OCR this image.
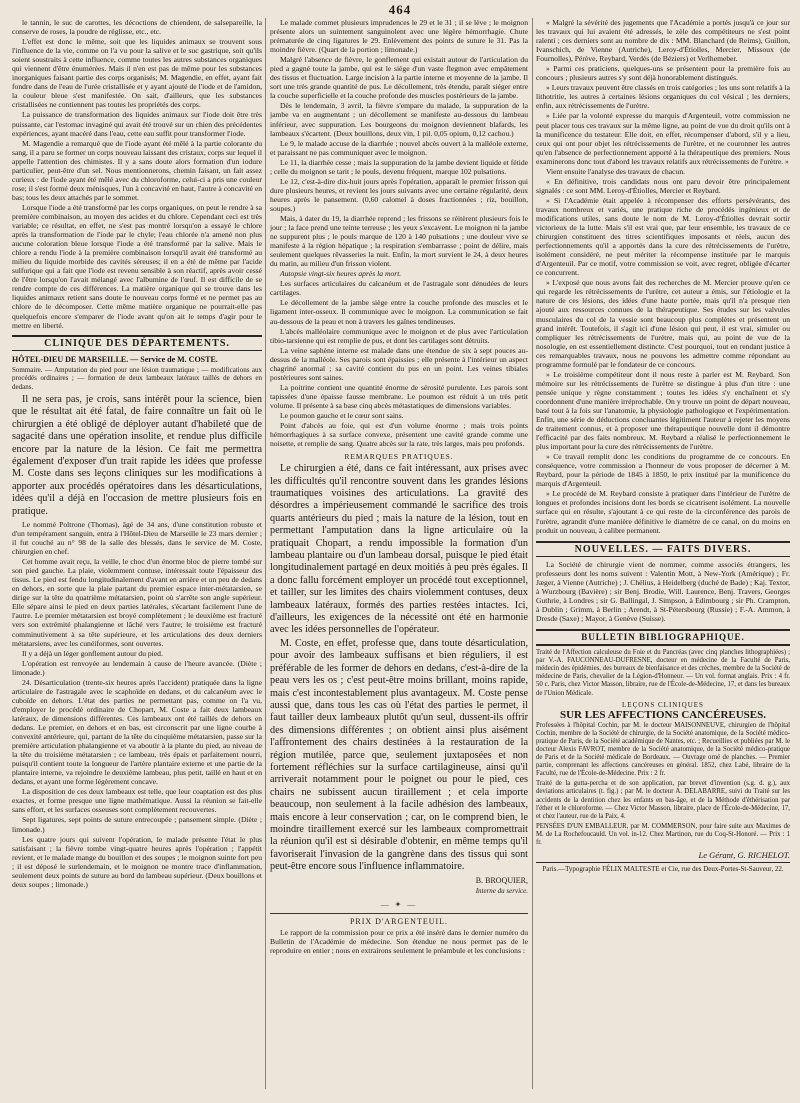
464

le tannin, le suc de carottes, les décoctions de chiendent, de salsepareille, la conserve de roses, la poudre de réglisse, etc., etc.

L'effet est donc le même, soit que les liquides animaux se trouvent sous l'influence de la vie, comme on l'a vu pour la salive et le suc gastrique, soit qu'ils soient soustraits à cette influence, comme toutes les autres substances organiques qui viennent d'être énumérées. Mais il n'en est pas de même pour les substances inorganiques faisant partie des corps organisés; M. Magendie, en effet, ayant fait fondre dans de l'eau de l'urée cristallisée et y ayant ajouté de l'iode et de l'amidon, la couleur bleue s'est manifestée. On sait, d'ailleurs, que les substances cristallisées ne contiennent pas toutes les propriétés des corps.

La puissance de transformation des liquides animaux sur l'iode doit être très puissante, car l'estomac invaginé qui avait été trouvé sur un chien des précédentes expériences, ayant macéré dans l'eau, cette eau suffit pour transformer l'iode.

M. Magendie a remarqué que de l'iode ayant été mêlé à la partie colorante du sang, il a paru se former un corps nouveau laissant des cristaux, corps sur lequel il appelle l'attention des chimistes. Il y a sans doute alors formation d'un iodure particulier, peut-être d'un sel. Nous mentionnerons, chemin faisant, un fait assez curieux : de l'iode ayant été mêlé avec du chloroforme, celui-ci a pris une couleur rose; il s'est formé deux ménisques, l'un à concavité en haut, l'autre à concavité en bas; tous les deux attachés par le sommet.

Lorsque l'iode a été transformé par les corps organiques, on peut le rendre à sa première combinaison, au moyen des acides et du chlore. Cependant ceci est très variable; ce résultat, en effet, ne s'est pas montré lorsqu'on a essayé le chlore après la transformation de l'iode par le chyle; l'eau chlorée n'a amené non plus aucune coloration bleue lorsque l'iode a été transformé par la salive. Mais le chlore a rendu l'iode à la première combinaison lorsqu'il avait été transformé au milieu du liquide morbide des cavités séreuses; il en a été de même par l'acide sulfurique qui a fait que l'iode est revenu sensible à son réactif, après avoir cessé de l'être lorsqu'on l'avait mélangé avec l'albumine de l'œuf. Il est difficile de se rendre compte de ces différences. La matière organique qui se trouve dans les liquides animaux retient sans doute le nouveau corps formé et ne permet pas au chlore de le décomposer. Cette même matière organique ne pourrait-elle pas quelquefois encore s'emparer de l'iode avant qu'on ait le temps d'agir pour le mettre en liberté.

CLINIQUE DES DÉPARTEMENTS.
HÔTEL-DIEU DE MARSEILLE. — Service de M. COSTE.
Sommaire. — Amputation du pied pour une lésion traumatique ; — modifications aux procédés ordinaires ; — formation de deux lambeaux latéraux taillés de dehors en dedans.

Il ne sera pas, je crois, sans intérêt pour la science, bien que le résultat ait été fatal, de faire connaître un fait où le chirurgien a été obligé de déployer autant d'habileté que de sagacité dans une opération insolite, et rendue plus difficile encore par la nature de la lésion. Ce fait me permettra également d'exposer d'un trait rapide les idées que professe M. Coste dans ses leçons cliniques sur les modifications à apporter aux procédés opératoires dans les désarticulations, idées qu'il a déjà en l'occasion de mettre plusieurs fois en pratique.

Le nommé Poltrone (Thomas), âgé de 34 ans, d'une constitution robuste et d'un tempérament sanguin, entra à l'Hôtel-Dieu de Marseille le 23 mars dernier ; il fut couché au n° 98 de la salle des blessés, dans le service de M. Coste, chirurgien en chef.

Cet homme avait reçu, la veille, le choc d'un énorme bloc de pierre tombé sur son pied gauche. La plaie, violemment contuse, intéressait toute l'épaisseur des tissus. Le pied est fendu longitudinalement d'avant en arrière et un peu de dedans en dehors, en sorte que la plaie partant du premier espace inter-métatarsien, se dirige sur la tête du quatrième métatarsien, point où s'arrête son angle supérieur. Elle sépare ainsi le pied en deux parties latérales, s'écartant facilement l'une de l'autre. Le premier métatarsien est broyé complètement ; le deuxième est fracturé vers son extrémité phalangienne et lâché vers l'autre; le troisième est fracturé comminutivement à sa tête supérieure, et les articulations des deux derniers métatarsiens, avec les cunéiformes, sont ouvertes.

Il y a déjà un léger gonflement autour du pied.

L'opération est renvoyée au lendemain à cause de l'heure avancée. (Diète ; limonade.)

24. Désarticulation (trente-six heures après l'accident) pratiquée dans la ligne articulaire de l'astragale avec le scaphoïde en dedans, et du calcanéum avec le cuboïde en dehors. L'état des parties ne permettant pas, comme on l'a vu, d'employer le procédé ordinaire de Chopart, M. Coste a fait deux lambeaux latéraux, de dimensions différentes. Ces lambeaux ont été taillés de dehors en dedans. Le premier, en dehors et en bas, est circonscrit par une ligne courbe à convexité antérieure, qui, partant de la tête du cinquième métatarsien, passe sur la première articulation phalangienne et va aboutir à la plante du pied, au niveau de la tête du troisième métatarsien ; ce lambeau, très épais et parfaitement nourri, puisqu'il contient toute la longueur de l'artère plantaire externe et une partie de la plantaire interne, va rejoindre le deuxième lambeau, plus petit, taillé en haut et en dedans, et ayant une forme légèrement concave.

La disposition de ces deux lambeaux est telle, que leur coaptation est des plus exactes, et forme presque une ligne mathématique. Aussi la réunion se fait-elle sans effort, et les surfaces osseuses sont complètement recouvertes.

Sept ligatures, sept points de suture entrecoupée ; pansement simple. (Diète ; limonade.)

Les quatre jours qui suivent l'opération, le malade présente l'état le plus satisfaisant ; la fièvre tombe vingt-quatre heures après l'opération ; l'appétit revient, et le malade mange du bouillon et des soupes ; le moignon suinte fort peu ; il est déposé le surlendemain, et le moignon ne montre trace d'inflammation, seulement deux points de suture au bord du lambeau supérieur. (Deux bouillons et deux soupes ; limonade.)

Le malade commet plusieurs imprudences le 29 et le 31 ; il se lève ; le moignon présente alors un suintement sanguinolent avec une légère hémorrhagie. Chute prématurée de cinq ligatures le 29. Enlèvement des points de suture le 31. Pas la moindre fièvre. (Quart de la portion ; limonade.)

Malgré l'absence de fièvre, le gonflement qui existait autour de l'articulation du pied a gagné toute la jambe, qui est le siège d'un vaste flegmon avec empâtement des tissus et fluctuation. Large incision à la partie interne et moyenne de la jambe. Il sort une très grande quantité de pus. Le décollement, très étendu, paraît siéger entre la couche superficielle et la couche profonde des muscles postérieurs de la jambe.

Dès le lendemain, 3 avril, la fièvre s'empare du malade, la suppuration de la jambe va en augmentant ; un décollement se manifeste au-dessous du lambeau inférieur, avec suppuration. Les bourgeons du moignon deviennent blafards, les lambeaux s'écartent. (Deux bouillons, deux vin, 1 pil. 0,05 opium, 0,12 cachou.)

Le 9, le malade accuse de la diarrhée ; nouvel abcès ouvert à la malléole externe, et paraissant ne pas communiquer avec le moignon.

Le 11, la diarrhée cesse ; mais la suppuration de la jambe devient liquide et fétide ; celle du moignon se tarit ; le pouls, devenu fréquent, marque 102 pulsations.

Le 12, c'est-à-dire dix-huit jours après l'opération, apparaît le premier frisson qui dure plusieurs heures, et revient les jours suivants avec une certaine régularité, deux heures après le pansement. (0,60 calomel à doses fractionnées ; riz, bouillon, soupes.)

Mais, à dater du 19, la diarrhée reprend ; les frissons se réitèrent plusieurs fois le jour ; la face prend une teinte terreuse ; les yeux s'excavent. Le moignon ni la jambe ne suppurent plus ; le pouls marque de 120 à 140 pulsations ; une douleur vive se manifeste à la région hépatique ; la respiration s'embarrasse ; point de délire, mais seulement quelques rêvasseries la nuit. Enfin, la mort survient le 24, à deux heures du matin, au milieu d'un frisson violent.

Autopsie vingt-six heures après la mort.

Les surfaces articulaires du calcanéum et de l'astragale sont dénudées de leurs cartilages.

Le décollement de la jambe siège entre la couche profonde des muscles et le ligament inter-osseux. Il communique avec le moignon. La communication se fait au-dessous de la peau et non à travers les gaînes tendineuses.

L'abcès malléolaire communique avec le moignon et de plus avec l'articulation tibio-tarsienne qui est remplie de pus, et dont les cartilages sont détruits.

La veine saphène interne est malade dans une étendue de six à sept pouces au-dessus de la malléole. Ses parois sont épaissies ; elle présente à l'intérieur un aspect chagriné anormal ; sa cavité contient du pus en un point. Les veines tibiales postérieures sont saines.

La poitrine contient une quantité énorme de sérosité purulente. Les parois sont tapissées d'une épaisse fausse membrane. Le poumon est réduit à un très petit volume. Il présente à sa base cinq abcès métastatiques de dimensions variables.

Le poumon gauche et le cœur sont sains.

Point d'abcès au foie, qui est d'un volume énorme ; mais trois points hémorrhagiques à sa surface convexe, présentent une cavité grande comme une noisette, et remplie de sang. Quatre abcès sur la rate, très larges, mais peu profonds.

REMARQUES PRATIQUES.

Le chirurgien a été, dans ce fait intéressant, aux prises avec les difficultés qu'il rencontre souvent dans les grandes lésions traumatiques voisines des articulations. La gravité des désordres a impérieusement commandé le sacrifice des trois quarts antérieurs du pied ; mais la nature de la lésion, tout en permettant l'amputation dans la ligne articulaire où la pratiquait Chopart, a rendu impossible la formation d'un lambeau plantaire ou d'un lambeau dorsal, puisque le pied était longitudinalement partagé en deux moitiés à peu près égales. Il a donc fallu forcément employer un procédé tout exceptionnel, et tailler, sur les limites des chairs violemment contuses, deux lambeaux latéraux, formés des parties restées intactes. Ici, d'ailleurs, les exigences de la nécessité ont été en harmonie avec les idées personnelles de l'opérateur.

M. Coste, en effet, professe que, dans toute désarticulation, pour avoir des lambeaux suffisans et bien réguliers, il est préférable de les former de dehors en dedans, c'est-à-dire de la peau vers les os ; c'est peut-être moins brillant, moins rapide, mais c'est incontestablement plus avantageux. M. Coste pense aussi que, dans tous les cas où l'état des parties le permet, il faut tailler deux lambeaux plutôt qu'un seul, dussent-ils offrir des dimensions différentes ; on obtient ainsi plus aisément l'affrontement des chairs destinées à la restauration de la région mutilée, parce que, seulement juxtaposées et non fortement réfléchies sur la surface cartilagineuse, ainsi qu'il arriverait notamment pour le poignet ou pour le pied, ces chairs ne subissent aucun tiraillement ; et cela importe beaucoup, non seulement à la facile adhésion des lambeaux, mais encore à leur conservation ; car, on le comprend bien, le moindre tiraillement exercé sur les lambeaux compromettrait la réunion qu'il est si désirable d'obtenir, en même temps qu'il favoriserait l'invasion de la gangrène dans des tissus qui sont peut-être encore sous l'influence inflammatoire.

B. BROQUIER,
Interne du service.
— ✦ —
PRIX D'ARGENTEUIL.

Le rapport de la commission pour ce prix a été inséré dans le dernier numéro du Bulletin de l'Académie de médecine. Son étendue ne nous permet pas de le reproduire en entier ; nous en extrairons seulement le préambule et les conclusions :

« Malgré la sévérité des jugements que l'Académie a portés jusqu'à ce jour sur les travaux qui lui avaient été adressés, le zèle des compétiteurs ne s'est point ralenti ; ces derniers sont au nombre de dix : MM. Blanchard (de Reims), Guillon, Ivanschich, de Vienne (Autriche), Leroy-d'Étiolles, Mercier, Missoux (de Fournolles), Pérève, Reybard, Verdès (de Béziers) et Verlhemeber.

» Parmi ces praticiens, quelques-uns se présentent pour la première fois au concours ; plusieurs autres s'y sont déjà honorablement distingués.

» Leurs travaux peuvent être classés en trois catégories ; les uns sont relatifs à la lithotritie, les autres à certaines lésions organiques du col vésical ; les derniers, enfin, aux rétrécissements de l'urètre.

» Liée par la volonté expresse du marquis d'Argenteuil, votre commission ne peut placer tous ces travaux sur la même ligne, au point de vue du droit qu'ils ont à la munificence du testateur. Elle doit, en effet, récompenser d'abord, s'il y a lieu, ceux qui ont pour objet les rétrécissements de l'urètre, et ne couronner les autres qu'en l'absence de perfectionnement apporté à la thérapeutique des premiers. Nous examinerons donc tout d'abord les travaux relatifs aux rétrécissements de l'urètre. »

Vient ensuite l'analyse des travaux de chacun.

« En définitive, trois candidats nous ont paru devoir être principalement signalés : ce sont MM. Leroy-d'Étiolles, Mercier et Reybard.

» Si l'Académie était appelée à récompenser des efforts persévérants, des travaux nombreux et variés, une pratique riche de procédés ingénieux et de modifications utiles, sans doute le nom de M. Leroy-d'Étiolles devrait sortir victorieux de la lutte. Mais s'il est vrai que, par leur ensemble, les travaux de ce chirurgien constituent des titres scientifiques imposants et réels, aucun des perfectionnements qu'il a apportés dans la cure des rétrécissements de l'urètre, isolément considéré, ne peut mériter la récompense instituée par le marquis d'Argenteuil. Par ce motif, votre commission se voit, avec regret, obligée d'écarter ce concurrent.

» L'exposé que nous avons fait des recherches de M. Mercier prouve qu'en ce qui regarde les rétrécissements de l'urètre, cet auteur a émis, sur l'étiologie et la nature de ces lésions, des idées d'une haute portée, mais qu'il n'a presque rien ajouté aux ressources connues de la thérapeutique. Ses études sur les valvules musculaires du col de la vessie sont beaucoup plus complètes et présentent un grand intérêt. Toutefois, il s'agit ici d'une lésion qui peut, il est vrai, simuler ou compliquer les rétrécissements de l'urètre, mais qui, au point de vue de la nosologie, en est essentiellement distincte. C'est pourquoi, tout en rendant justice à ces remarquables travaux, nous ne pouvons les admettre comme répondant au programme formulé par le fondateur de ce concours.

» Le troisième compétiteur dont il nous reste à parler est M. Reybard. Son mémoire sur les rétrécissements de l'urètre se distingue à plus d'un titre : une pensée unique y règne constamment ; toutes les idées s'y enchaînent et s'y coordonnent d'une manière irréprochable. On y trouve un point de départ nouveau, basé tout à la fois sur l'anatomie, la physiologie pathologique et l'expérimentation. Enfin, une série de déductions concluantes légitiment l'auteur à rejeter les moyens de traitement connus, et à proposer une thérapeutique nouvelle dont il démontre l'efficacité par des faits nombreux. M. Reybard a réalisé le perfectionnement le plus important pour la cure des rétrécissements de l'urètre.

» Ce travail remplit donc les conditions du programme de ce concours. En conséquence, votre commission a l'honneur de vous proposer de décerner à M. Reybard, pour la période de 1845 à 1850, le prix institué par la munificence du marquis d'Argenteuil.

» Le procédé de M. Reybard consiste à pratiquer dans l'intérieur de l'urètre de longues et profondes incisions dont les bords se cicatrisent isolément. La nouvelle surface qui en résulte, s'ajoutant à ce qui reste de la circonférence des parois de l'urètre, agrandit d'une manière définitive le diamètre de ce canal, on du moins en produit un nouveau, à calibre permanent.

NOUVELLES. — FAITS DIVERS.

La Société de chirurgie vient de nommer, comme associés étrangers, les professeurs dont les noms suivent : Valentin Mott, à New-York (Amérique) ; Fr. Jæger, à Vienne (Autriche) ; J. Chélius, à Heidelberg (duché de Bade) ; Kaj. Textor, à Wurzbourg (Bavière) ; sir Benj. Brodie, Will. Laurence, Benj. Travers, Georges Guthrie, à Londres ; sir G. Ballingal, J. Simpson, à Edimbourg ; sir Ph. Crampton, à Dublin ; Grimm, à Berlin ; Arendt, à St-Pétersbourg (Russie) ; F.-A. Ammon, à Dresde (Saxe) ; Mayor, à Genève (Suisse).

BULLETIN BIBLIOGRAPHIQUE.
Traité de l'Affection calculeuse du Foie et du Pancréas (avec cinq planches lithographiées) ; par V.-A. FAUCONNEAU-DUFRESNE, docteur en médecine de la Faculté de Paris, médecin des épidémies, des bureaux de bienfaisance et des crèches, membre de la Société de médecine de Paris, chevalier de la Légion-d'Honneur. — Un vol. format anglais. Prix : 4 fr. 50 c. Paris, chez Victor Masson, libraire, rue de l'École-de-Médecine, 17, et dans les bureaux de l'Union Médicale.
LEÇONS CLINIQUES
SUR LES AFFECTIONS CANCÉREUSES.
Professées à l'hôpital Cochin, par M. le docteur MAISONNEUVE, chirurgien de l'hôpital Cochin, membre de la Société de chirurgie, de la Société anatomique, de la Société médico-pratique de Paris, de la Société académique de Nantes, etc. ; Recueillies et publiées par M. le docteur Alexis FAVROT, membre de la Société anatomique, de la Société médico-pratique de Paris et de la Société médicale de Bordeaux. — Ouvrage orné de planches. — Premier partie, comprenant les affections cancéreuses en général. 1852, chez Labé, libraire de la Faculté, rue de l'École-de-Médecine. Prix : 2 fr.
Traité de la gutta-percha et de son application, par brevet d'invention (s.g. d. g.), aux deviations articulaires (t. fig.) ; par M. le docteur A. DELABARRE, suivi du Traité sur les accidents de la dentition chez les enfants en bas-âge, et de la Méthode d'éthérisation par l'éther et le chloroforme. — Chez Victor Masson, libraire, place de l'École-de-Médecine, 17, et chez l'auteur, rue de la Paix, 4.
PENSÉES D'UN EMBALLEUR, par M. COMMERSON, pour faire suite aux Maximes de M. de La Rochefoucauld. Un vol. in-12. Chez Martinon, rue du Coq-St-Honoré. — Prix : 1 fr.
Le Gérant, G. RICHELOT.
Paris.—Typographie FÉLIX MALTESTE et Cie, rue des Deux-Portes-St-Sauveur, 22.
